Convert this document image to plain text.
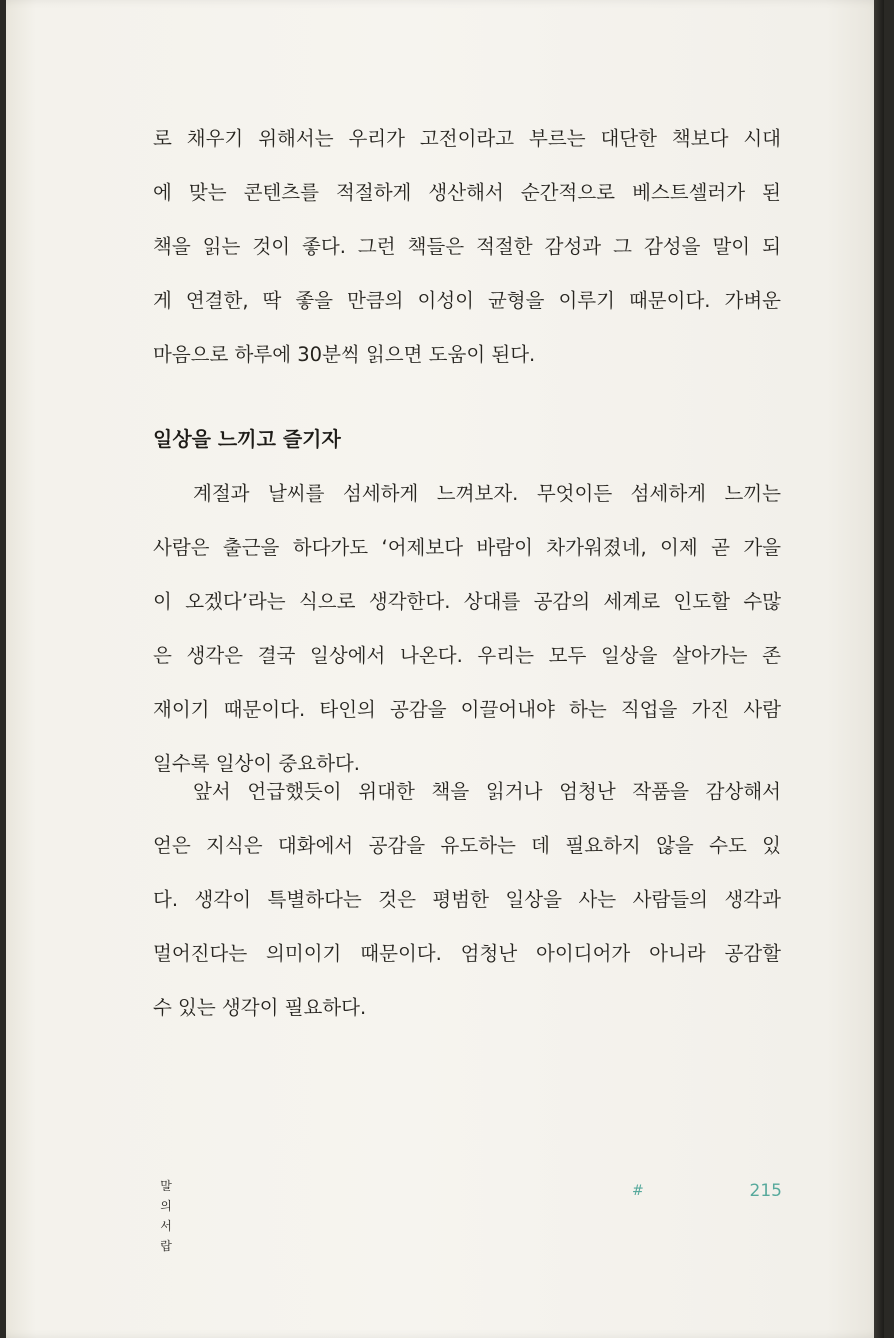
로 채우기 위해서는 우리가 고전이라고 부르는 대단한 책보다 시대
에 맞는 콘텐츠를 적절하게 생산해서 순간적으로 베스트셀러가 된
책을 읽는 것이 좋다. 그런 책들은 적절한 감성과 그 감성을 말이 되
게 연결한, 딱 좋을 만큼의 이성이 균형을 이루기 때문이다. 가벼운
마음으로 하루에 30분씩 읽으면 도움이 된다.
일상을 느끼고 즐기자
계절과 날씨를 섬세하게 느껴보자. 무엇이든 섬세하게 느끼는
사람은 출근을 하다가도 ‘어제보다 바람이 차가워졌네, 이제 곧 가을
이 오겠다’라는 식으로 생각한다. 상대를 공감의 세계로 인도할 수많
은 생각은 결국 일상에서 나온다. 우리는 모두 일상을 살아가는 존
재이기 때문이다. 타인의 공감을 이끌어내야 하는 직업을 가진 사람
일수록 일상이 중요하다.
앞서 언급했듯이 위대한 책을 읽거나 엄청난 작품을 감상해서
얻은 지식은 대화에서 공감을 유도하는 데 필요하지 않을 수도 있
다. 생각이 특별하다는 것은 평범한 일상을 사는 사람들의 생각과
멀어진다는 의미이기 때문이다. 엄청난 아이디어가 아니라 공감할
수 있는 생각이 필요하다.
말
의
서
랍
#	215
